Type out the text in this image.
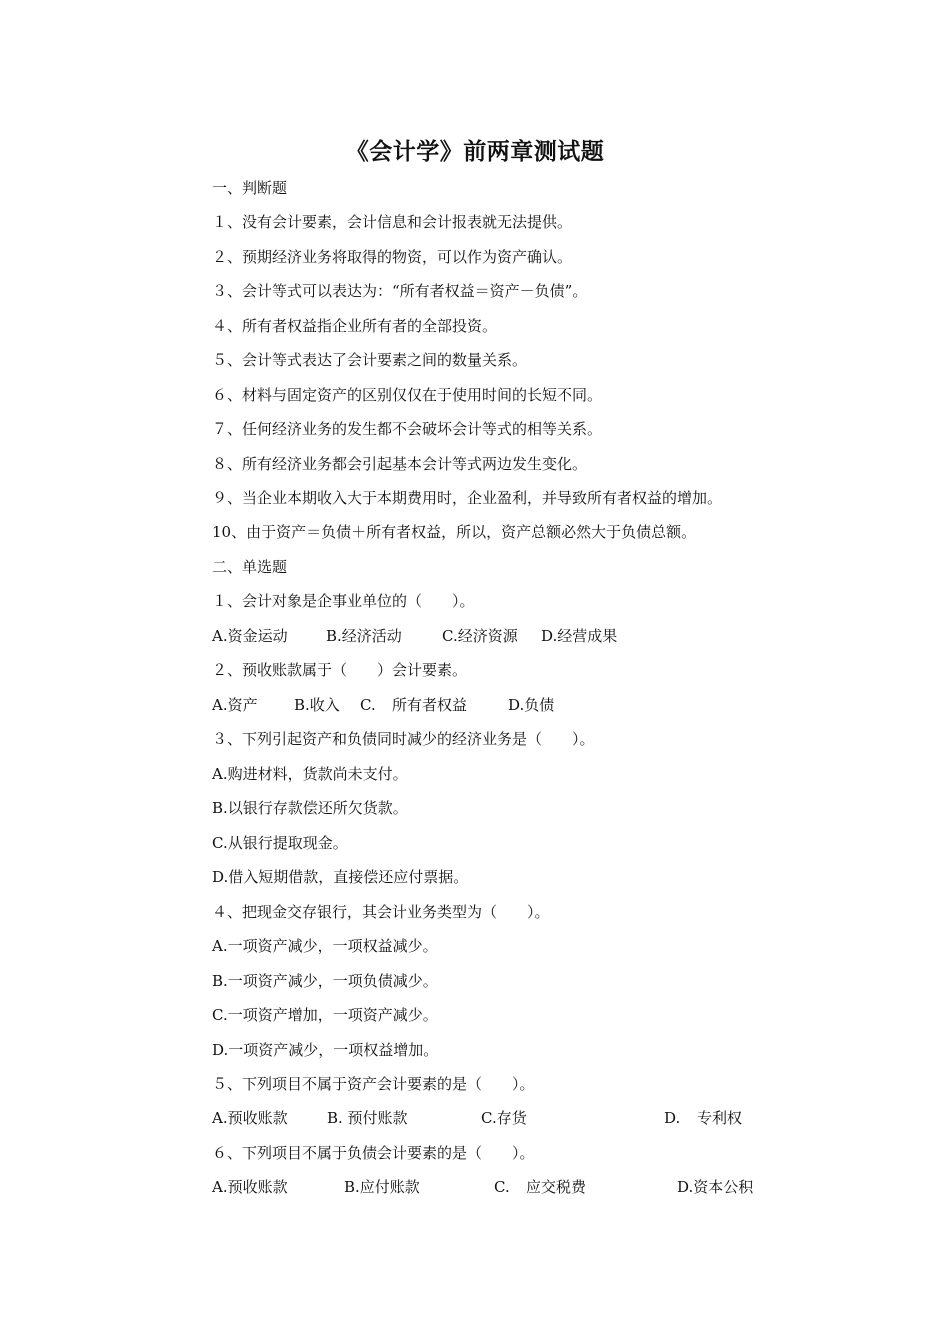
《会计学》前两章测试题
一、判断题
１、没有会计要素，会计信息和会计报表就无法提供。
２、预期经济业务将取得的物资，可以作为资产确认。
３、会计等式可以表达为：“所有者权益＝资产－负债”。
４、所有者权益指企业所有者的全部投资。
５、会计等式表达了会计要素之间的数量关系。
６、材料与固定资产的区别仅仅在于使用时间的长短不同。
７、任何经济业务的发生都不会破坏会计等式的相等关系。
８、所有经济业务都会引起基本会计等式两边发生变化。
９、当企业本期收入大于本期费用时，企业盈利，并导致所有者权益的增加。
10、由于资产＝负债＋所有者权益，所以，资产总额必然大于负债总额。
二、单选题
１、会计对象是企事业单位的（　　）。
A.资金运动	B.经济活动	C.经济资源 D.经营成果
２、预收账款属于（　　）会计要素。
A.资产 B.收入 C. 所有者权益	D.负债
３、下列引起资产和负债同时减少的经济业务是（　　）。
A.购进材料，货款尚未支付。
B.以银行存款偿还所欠货款。
C.从银行提取现金。
D.借入短期借款，直接偿还应付票据。
４、把现金交存银行，其会计业务类型为（　　）。
A.一项资产减少，一项权益减少。
B.一项资产减少，一项负债减少。
C.一项资产增加，一项资产减少。
D.一项资产减少，一项权益增加。
５、下列项目不属于资产会计要素的是（　　）。
A.预收账款	B. 预付账款	C.存货	D. 专利权
６、下列项目不属于负债会计要素的是（　　）。
A.预收账款	B.应付账款	C. 应交税费	D.资本公积
